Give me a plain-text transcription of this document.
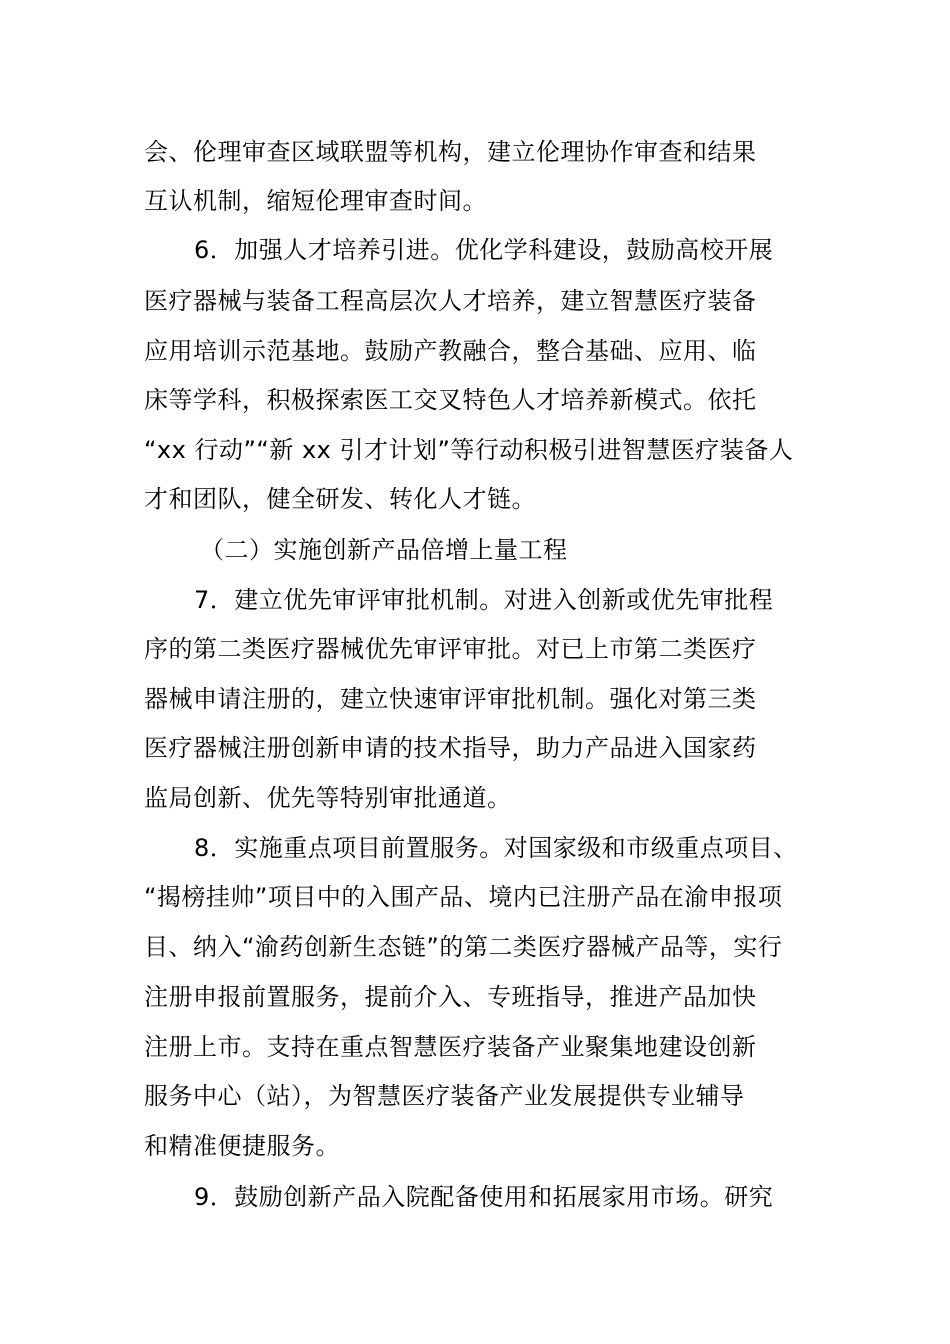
会、伦理审查区域联盟等机构，建立伦理协作审查和结果
互认机制，缩短伦理审查时间。
6．加强人才培养引进。优化学科建设，鼓励高校开展
医疗器械与装备工程高层次人才培养，建立智慧医疗装备
应用培训示范基地。鼓励产教融合，整合基础、应用、临
床等学科，积极探索医工交叉特色人才培养新模式。依托
“xx 行动”“新 xx 引才计划”等行动积极引进智慧医疗装备人
才和团队，健全研发、转化人才链。
（二）实施创新产品倍增上量工程
7．建立优先审评审批机制。对进入创新或优先审批程
序的第二类医疗器械优先审评审批。对已上市第二类医疗
器械申请注册的，建立快速审评审批机制。强化对第三类
医疗器械注册创新申请的技术指导，助力产品进入国家药
监局创新、优先等特别审批通道。
8．实施重点项目前置服务。对国家级和市级重点项目、
“揭榜挂帅”项目中的入围产品、境内已注册产品在渝申报项
目、纳入“渝药创新生态链”的第二类医疗器械产品等，实行
注册申报前置服务，提前介入、专班指导，推进产品加快
注册上市。支持在重点智慧医疗装备产业聚集地建设创新
服务中心（站），为智慧医疗装备产业发展提供专业辅导
和精准便捷服务。
9．鼓励创新产品入院配备使用和拓展家用市场。研究
